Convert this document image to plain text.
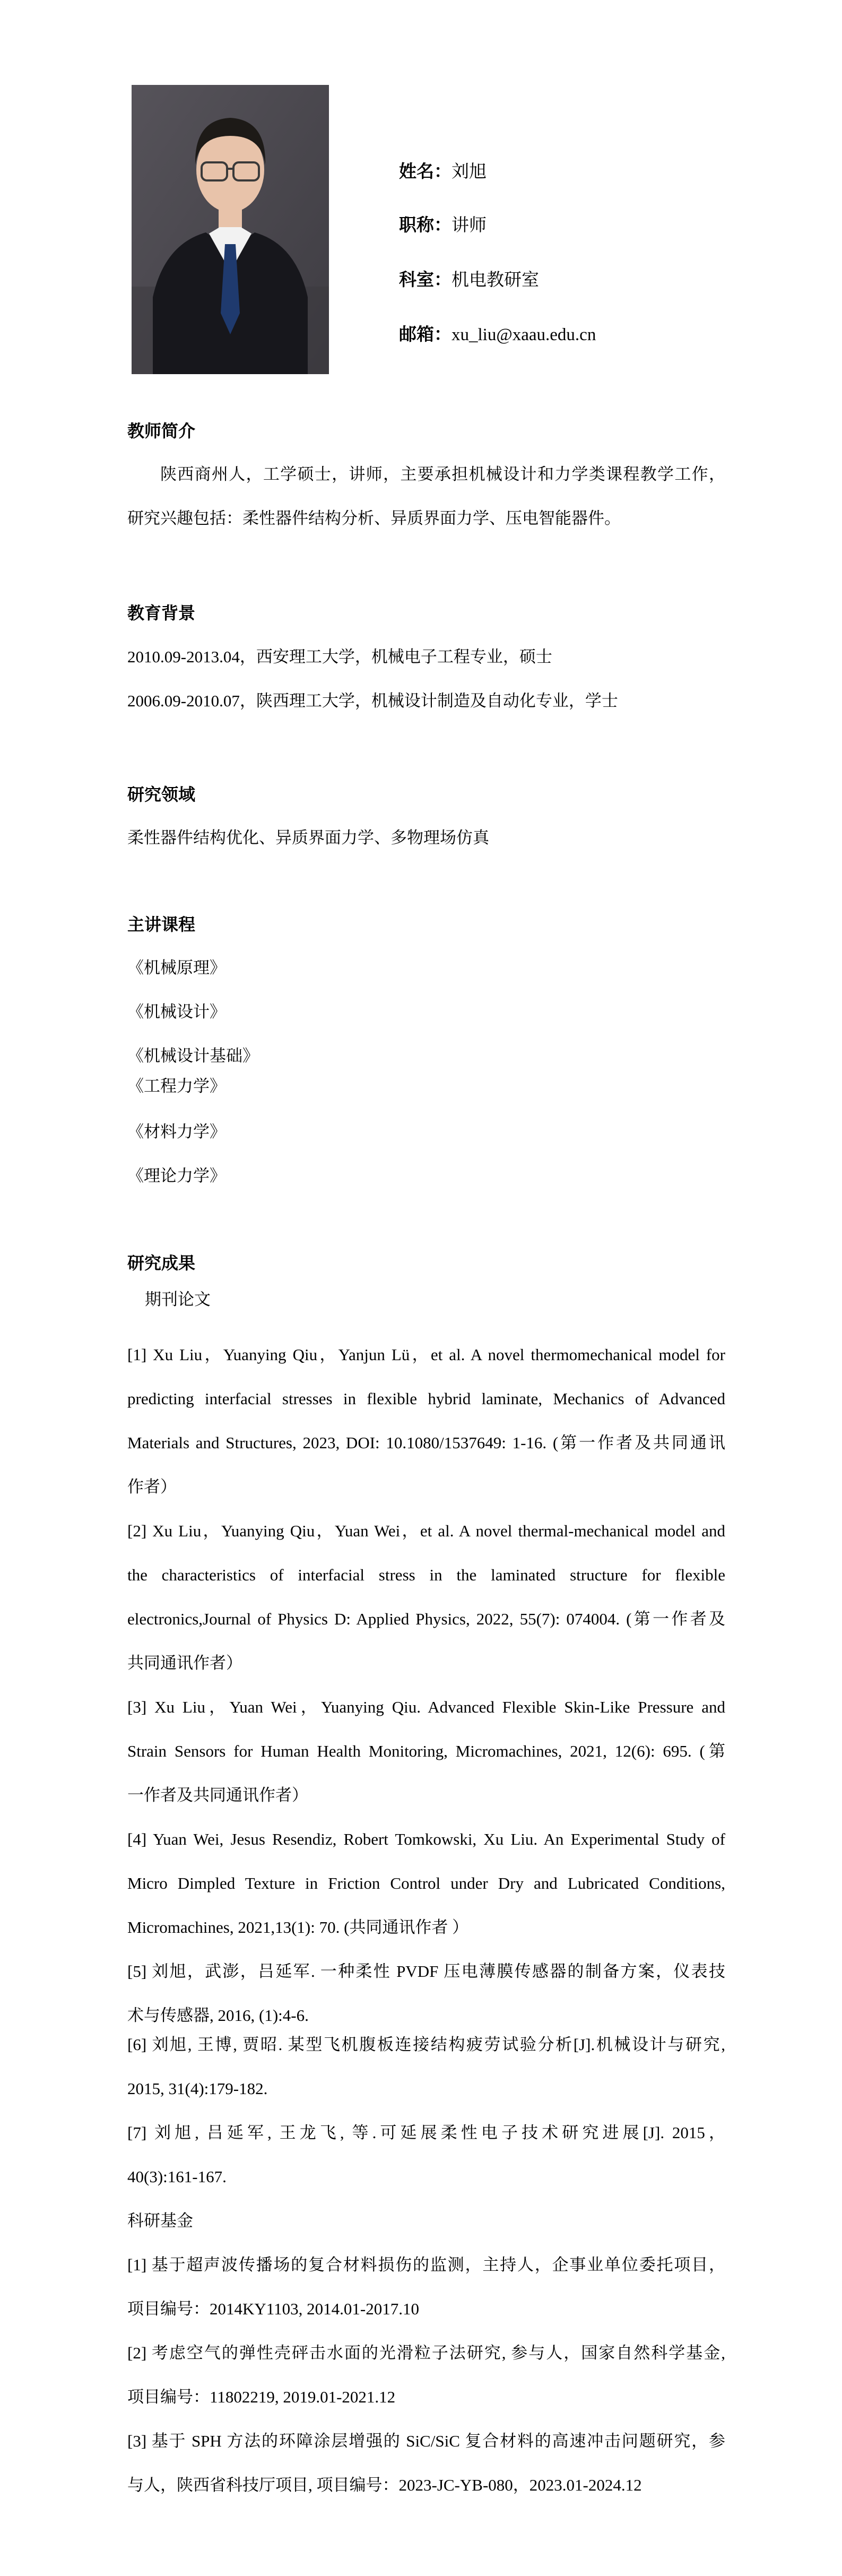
姓名：刘旭
职称：讲师
科室：机电教研室
邮箱：xu_liu@xaau.edu.cn
教师简介
陕西商州人，工学硕士，讲师，主要承担机械设计和力学类课程教学工作，
研究兴趣包括：柔性器件结构分析、异质界面力学、压电智能器件。
教育背景
2010.09-2013.04，西安理工大学，机械电子工程专业，硕士
2006.09-2010.07，陕西理工大学，机械设计制造及自动化专业，学士
研究领域
柔性器件结构优化、异质界面力学、多物理场仿真
主讲课程
《机械原理》
《机械设计》
《机械设计基础》
《工程力学》
《材料力学》
《理论力学》
研究成果
期刊论文
[1] Xu Liu，Yuanying Qiu，Yanjun Lü，et al. A novel thermomechanical model for
predicting interfacial stresses in flexible hybrid laminate, Mechanics of Advanced
Materials and Structures, 2023, DOI: 10.1080/1537649: 1-16. (第一作者及共同通讯
作者）
[2] Xu Liu，Yuanying Qiu，Yuan Wei，et al. A novel thermal-mechanical model and
the characteristics of interfacial stress in the laminated structure for flexible
electronics,Journal of Physics D: Applied Physics, 2022, 55(7): 074004. (第一作者及
共同通讯作者）
[3] Xu Liu，Yuan Wei，Yuanying Qiu. Advanced Flexible Skin-Like Pressure and
Strain Sensors for Human Health Monitoring, Micromachines, 2021, 12(6): 695. (第
一作者及共同通讯作者）
[4] Yuan Wei, Jesus Resendiz, Robert Tomkowski, Xu Liu. An Experimental Study of
Micro Dimpled Texture in Friction Control under Dry and Lubricated Conditions,
Micromachines, 2021,13(1): 70. (共同通讯作者 ）
[5] 刘旭，武澎，吕延军. 一种柔性 PVDF 压电薄膜传感器的制备方案，仪表技
术与传感器, 2016, (1):4-6.
[6] 刘旭, 王博, 贾昭. 某型飞机腹板连接结构疲劳试验分析[J].机械设计与研究,
2015, 31(4):179-182.
[7] 刘旭, 吕延军, 王龙飞, 等.可延展柔性电子技术研究进展[J]. 2015，
40(3):161-167.
科研基金
[1] 基于超声波传播场的复合材料损伤的监测，主持人，企事业单位委托项目，
项目编号：2014KY1103, 2014.01-2017.10
[2] 考虑空气的弹性壳砰击水面的光滑粒子法研究, 参与人，国家自然科学基金,
项目编号：11802219, 2019.01-2021.12
[3] 基于 SPH 方法的环障涂层增强的 SiC/SiC 复合材料的高速冲击问题研究，参
与人，陕西省科技厅项目, 项目编号：2023-JC-YB-080，2023.01-2024.12
